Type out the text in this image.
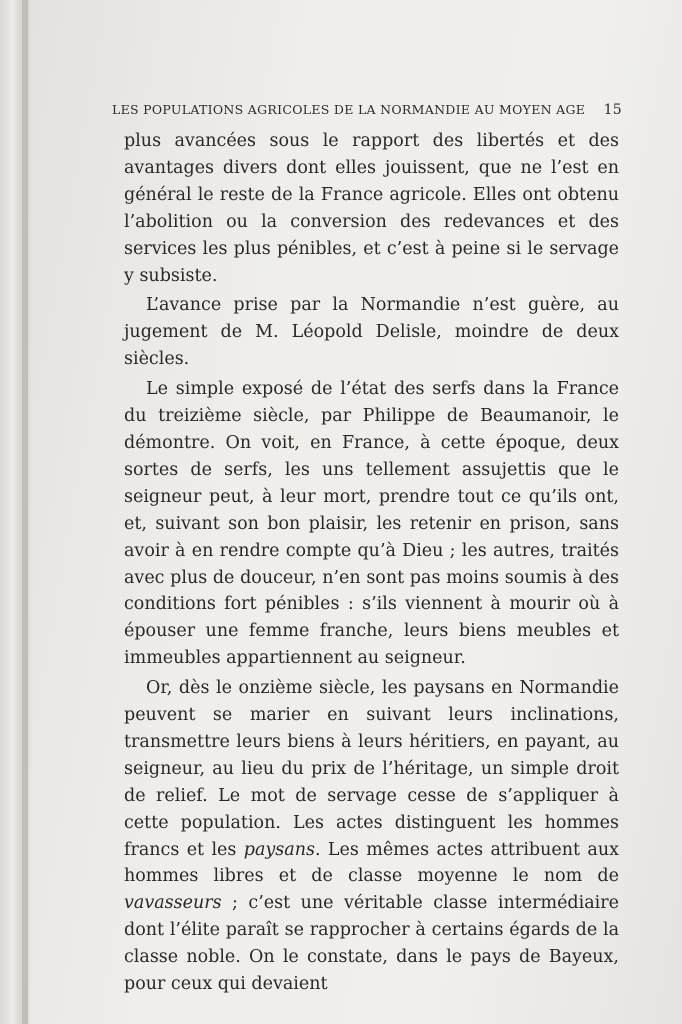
LES POPULATIONS AGRICOLES DE LA NORMANDIE AU MOYEN AGE 15

plus avancées sous le rapport des libertés et des avantages divers dont elles jouissent, que ne l’est en général le reste de la France agricole. Elles ont obtenu l’abolition ou la conversion des redevances et des services les plus pénibles, et c’est à peine si le servage y subsiste.

L’avance prise par la Normandie n’est guère, au jugement de M. Léopold Delisle, moindre de deux siècles.

Le simple exposé de l’état des serfs dans la France du treizième siècle, par Philippe de Beaumanoir, le démontre. On voit, en France, à cette époque, deux sortes de serfs, les uns tellement assujettis que le seigneur peut, à leur mort, prendre tout ce qu’ils ont, et, suivant son bon plaisir, les retenir en prison, sans avoir à en rendre compte qu’à Dieu ; les autres, traités avec plus de douceur, n’en sont pas moins soumis à des conditions fort pénibles : s’ils viennent à mourir où à épouser une femme franche, leurs biens meubles et immeubles appartiennent au seigneur.

Or, dès le onzième siècle, les paysans en Normandie peuvent se marier en suivant leurs inclinations, transmettre leurs biens à leurs héritiers, en payant, au seigneur, au lieu du prix de l’héritage, un simple droit de relief. Le mot de servage cesse de s’appliquer à cette population. Les actes distinguent les hommes francs et les paysans. Les mêmes actes attribuent aux hommes libres et de classe moyenne le nom de vavasseurs ; c’est une véritable classe intermédiaire dont l’élite paraît se rapprocher à certains égards de la classe noble. On le constate, dans le pays de Bayeux, pour ceux qui devaient
